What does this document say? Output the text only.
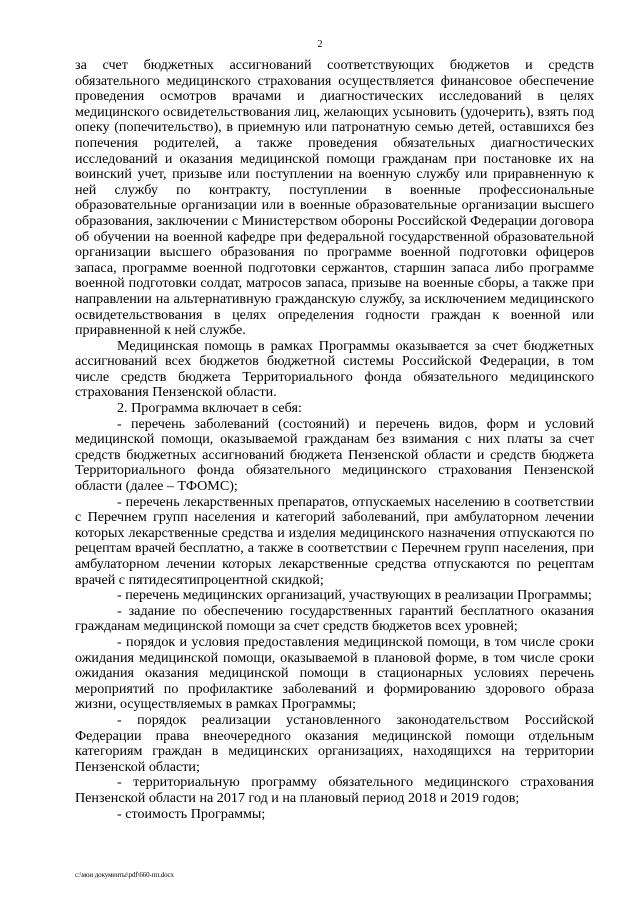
2

за счет бюджетных ассигнований соответствующих бюджетов и средств обязательного медицинского страхования осуществляется финансовое обеспечение проведения осмотров врачами и диагностических исследований в целях медицинского освидетельствования лиц, желающих усыновить (удочерить), взять под опеку (попечительство), в приемную или патронатную семью детей, оставшихся без попечения родителей, а также проведения обязательных диагностических исследований и оказания медицинской помощи гражданам при постановке их на воинский учет, призыве или поступлении на военную службу или приравненную к ней службу по контракту, поступлении в военные профессиональные образовательные организации или в военные образовательные организации высшего образования, заключении с Министерством обороны Российской Федерации договора об обучении на военной кафедре при федеральной государственной образовательной организации высшего образования по программе военной подготовки офицеров запаса, программе военной подготовки сержантов, старшин запаса либо программе военной подготовки солдат, матросов запаса, призыве на военные сборы, а также при направлении на альтернативную гражданскую службу, за исключением медицинского освидетельствования в целях определения годности граждан к военной или приравненной к ней службе.

Медицинская помощь в рамках Программы оказывается за счет бюджетных ассигнований всех бюджетов бюджетной системы Российской Федерации, в том числе средств бюджета Территориального фонда обязательного медицинского страхования Пензенской области.

2. Программа включает в себя:

- перечень заболеваний (состояний) и перечень видов, форм и условий медицинской помощи, оказываемой гражданам без взимания с них платы за счет средств бюджетных ассигнований бюджета Пензенской области и средств бюджета Территориального фонда обязательного медицинского страхования Пензенской области (далее – ТФОМС);

- перечень лекарственных препаратов, отпускаемых населению в соответствии с Перечнем групп населения и категорий заболеваний, при амбулаторном лечении которых лекарственные средства и изделия медицинского назначения отпускаются по рецептам врачей бесплатно, а также в соответствии с Перечнем групп населения, при амбулаторном лечении которых лекарственные средства отпускаются по рецептам врачей с пятидесятипроцентной скидкой;

- перечень медицинских организаций, участвующих в реализации Программы;

- задание по обеспечению государственных гарантий бесплатного оказания гражданам медицинской помощи за счет средств бюджетов всех уровней;

- порядок и условия предоставления медицинской помощи, в том числе сроки ожидания медицинской помощи, оказываемой в плановой форме, в том числе сроки ожидания оказания медицинской помощи в стационарных условиях перечень мероприятий по профилактике заболеваний и формированию здорового образа жизни, осуществляемых в рамках Программы;

- порядок реализации установленного законодательством Российской Федерации права внеочередного оказания медицинской помощи отдельным категориям граждан в медицинских организациях, находящихся на территории Пензенской области;

- территориальную программу обязательного медицинского страхования Пензенской области на 2017 год и на плановый период 2018 и 2019 годов;

- стоимость Программы;

c:\мои документы\pdf\660-пп.docx
